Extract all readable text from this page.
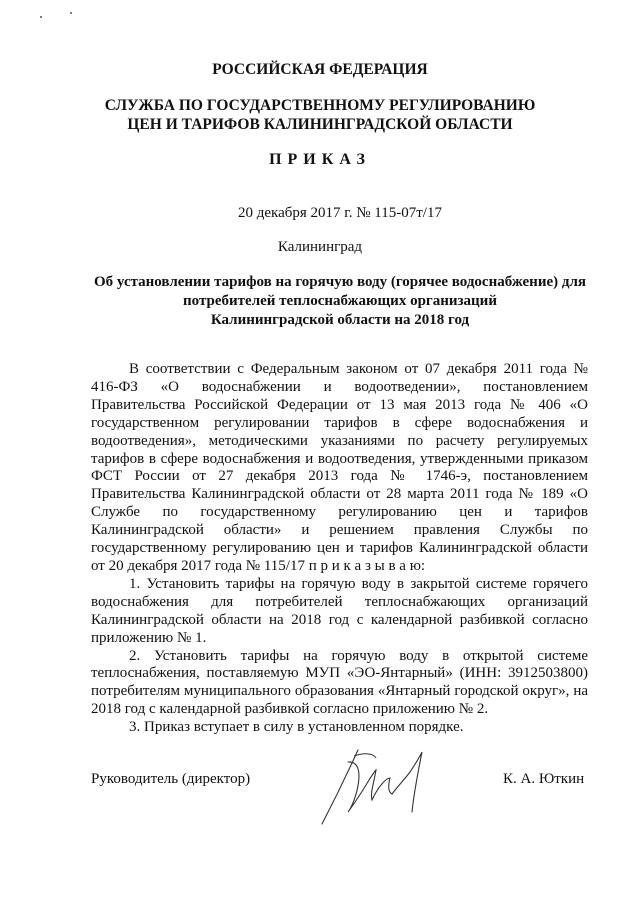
РОССИЙСКАЯ ФЕДЕРАЦИЯ
СЛУЖБА ПО ГОСУДАРСТВЕННОМУ РЕГУЛИРОВАНИЮ
ЦЕН И ТАРИФОВ КАЛИНИНГРАДСКОЙ ОБЛАСТИ
ПРИКАЗ
20 декабря 2017 г. № 115-07т/17
Калининград
Об установлении тарифов на горячую воду (горячее водоснабжение) для
потребителей теплоснабжающих организаций
Калининградской области на 2018 год

В соответствии с Федеральным законом от 07 декабря 2011 года № 416-ФЗ «О водоснабжении и водоотведении», постановлением Правительства Российской Федерации от 13 мая 2013 года № 406 «О государственном регулировании тарифов в сфере водоснабжения и водоотведения», методическими указаниями по расчету регулируемых тарифов в сфере водоснабжения и водоотведения, утвержденными приказом ФСТ России от 27 декабря 2013 года № 1746-э, постановлением Правительства Калининградской области от 28 марта 2011 года № 189 «О Службе по государственному регулированию цен и тарифов Калининградской области» и решением правления Службы по государственному регулированию цен и тарифов Калининградской области от 20 декабря 2017 года № 115/17 п р и к а з ы в а ю:

1. Установить тарифы на горячую воду в закрытой системе горячего водоснабжения для потребителей теплоснабжающих организаций Калининградской области на 2018 год с календарной разбивкой согласно приложению № 1.

2. Установить тарифы на горячую воду в открытой системе теплоснабжения, поставляемую МУП «ЭО-Янтарный» (ИНН: 3912503800) потребителям муниципального образования «Янтарный городской округ», на 2018 год с календарной разбивкой согласно приложению № 2.

3. Приказ вступает в силу в установленном порядке.

Руководитель (директор)	К. А. Юткин
